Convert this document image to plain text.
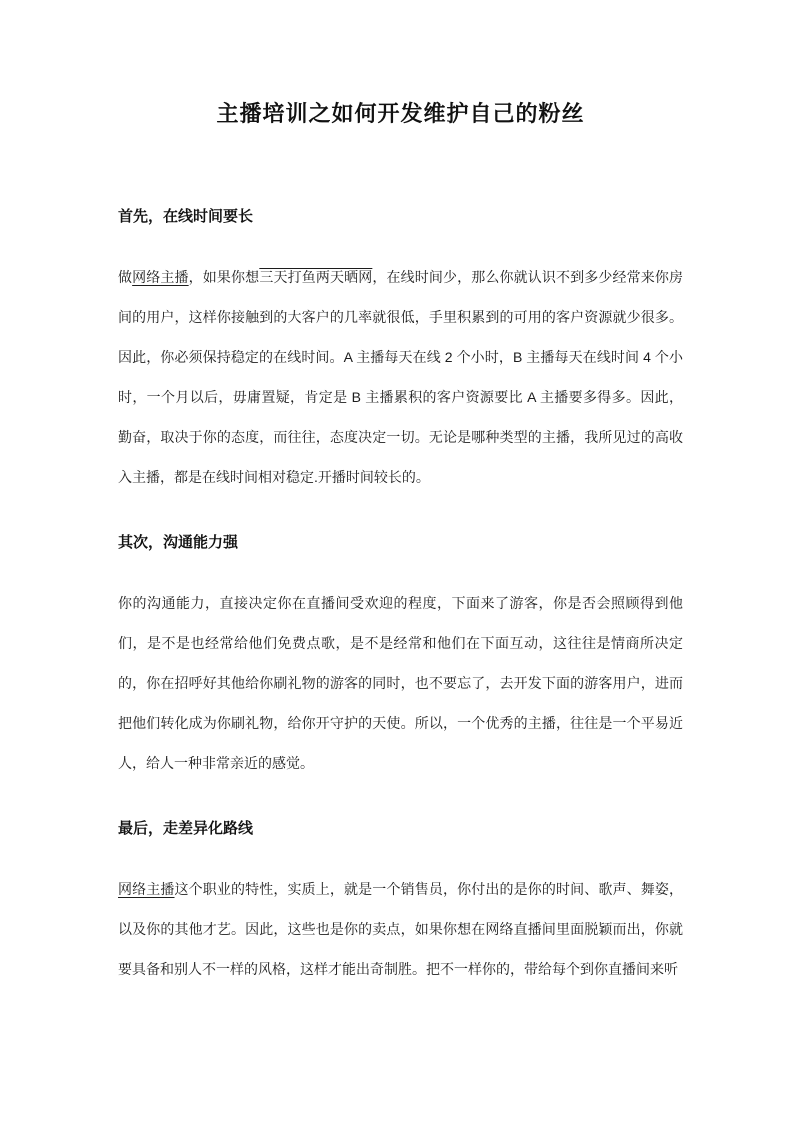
主播培训之如何开发维护自己的粉丝
首先，在线时间要长

做网络主播，如果你想三天打鱼两天晒网，在线时间少，那么你就认识不到多少经常来你房间的用户，这样你接触到的大客户的几率就很低，手里积累到的可用的客户资源就少很多。因此，你必须保持稳定的在线时间。A 主播每天在线 2 个小时，B 主播每天在线时间 4 个小时，一个月以后，毋庸置疑，肯定是 B 主播累积的客户资源要比 A 主播要多得多。因此，勤奋，取决于你的态度，而往往，态度决定一切。无论是哪种类型的主播，我所见过的高收入主播，都是在线时间相对稳定.开播时间较长的。

其次，沟通能力强

你的沟通能力，直接决定你在直播间受欢迎的程度，下面来了游客，你是否会照顾得到他们，是不是也经常给他们免费点歌，是不是经常和他们在下面互动，这往往是情商所决定的，你在招呼好其他给你刷礼物的游客的同时，也不要忘了，去开发下面的游客用户，进而把他们转化成为你刷礼物，给你开守护的天使。所以，一个优秀的主播，往往是一个平易近人，给人一种非常亲近的感觉。

最后，走差异化路线

网络主播这个职业的特性，实质上，就是一个销售员，你付出的是你的时间、歌声、舞姿，以及你的其他才艺。因此，这些也是你的卖点，如果你想在网络直播间里面脱颖而出，你就要具备和别人不一样的风格，这样才能出奇制胜。把不一样你的，带给每个到你直播间来听
